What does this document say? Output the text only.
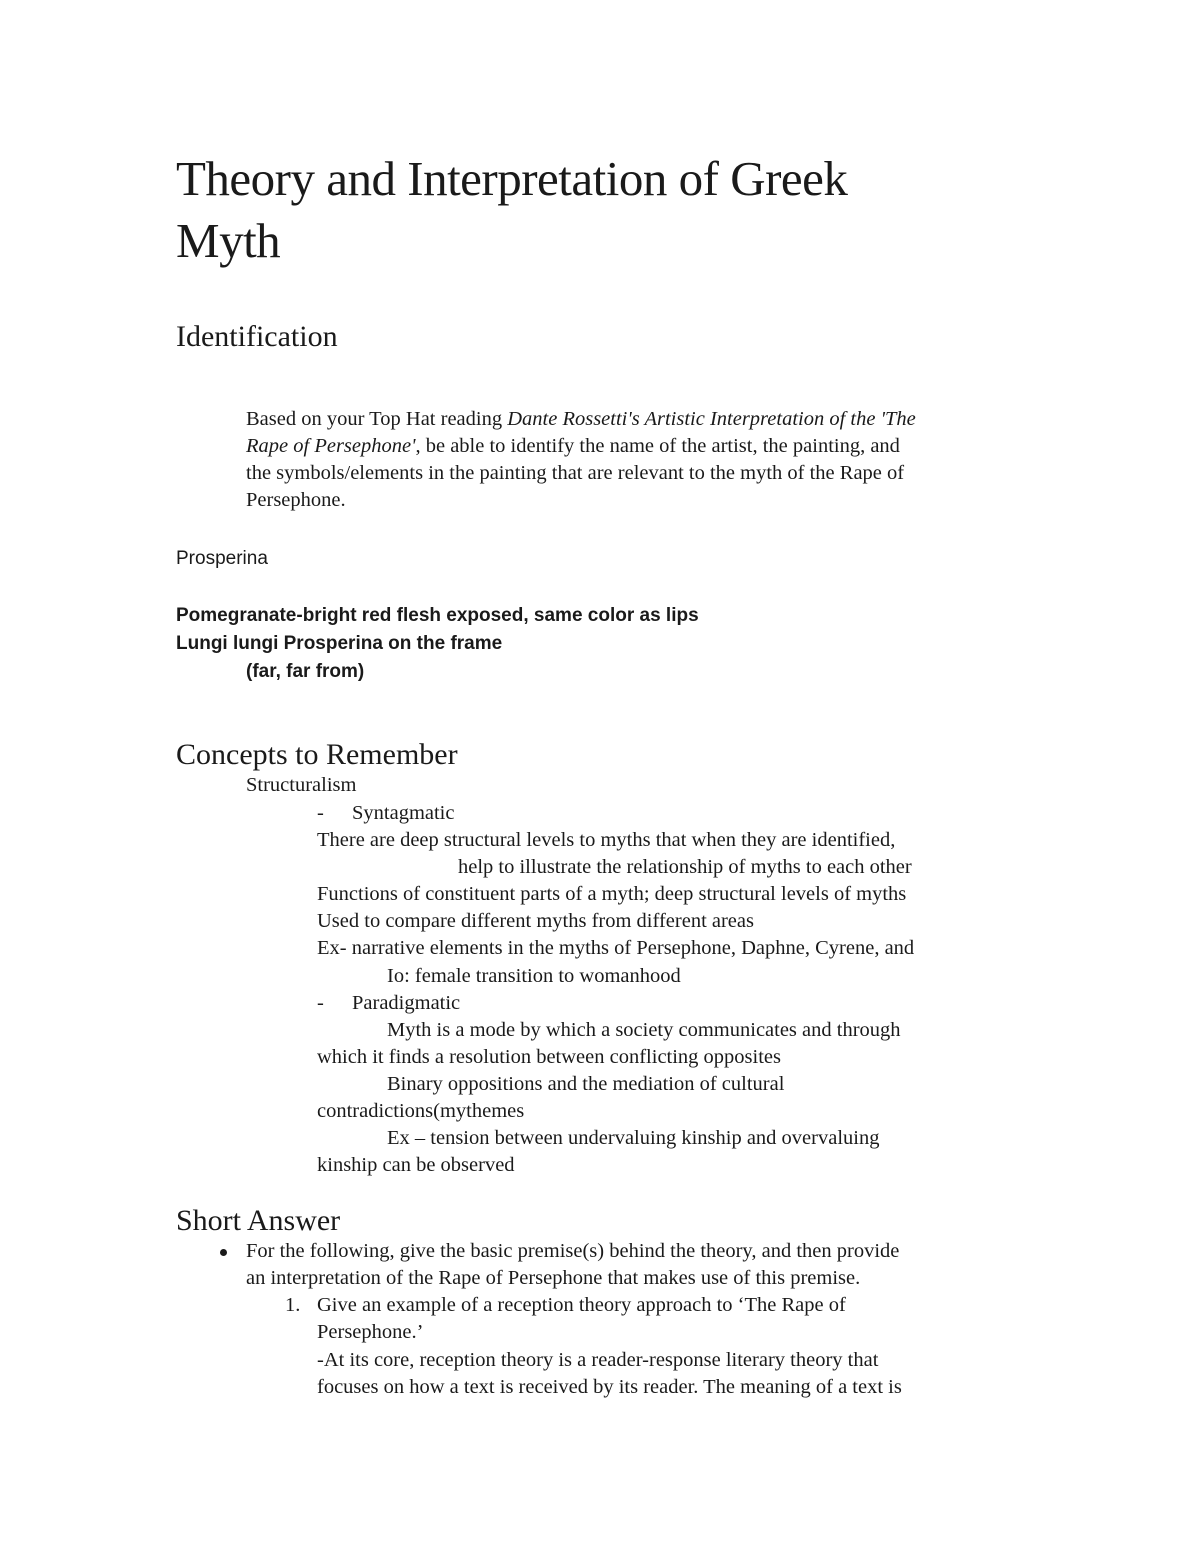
Theory and Interpretation of Greek
Myth
Identification
Based on your Top Hat reading Dante Rossetti's Artistic Interpretation of the 'The
Rape of Persephone', be able to identify the name of the artist, the painting, and
the symbols/elements in the painting that are relevant to the myth of the Rape of
Persephone.
Prosperina
Pomegranate-bright red flesh exposed, same color as lips
Lungi lungi Prosperina on the frame
(far, far from)
Concepts to Remember
Structuralism
- Syntagmatic
There are deep structural levels to myths that when they are identified,
help to illustrate the relationship of myths to each other
Functions of constituent parts of a myth; deep structural levels of myths
Used to compare different myths from different areas
Ex- narrative elements in the myths of Persephone, Daphne, Cyrene, and
Io: female transition to womanhood
- Paradigmatic
Myth is a mode by which a society communicates and through
which it finds a resolution between conflicting opposites
Binary oppositions and the mediation of cultural
contradictions(mythemes
Ex – tension between undervaluing kinship and overvaluing
kinship can be observed
Short Answer
For the following, give the basic premise(s) behind the theory, and then provide
an interpretation of the Rape of Persephone that makes use of this premise.
1. Give an example of a reception theory approach to ‘The Rape of
Persephone.’
-At its core, reception theory is a reader-response literary theory that
focuses on how a text is received by its reader. The meaning of a text is
